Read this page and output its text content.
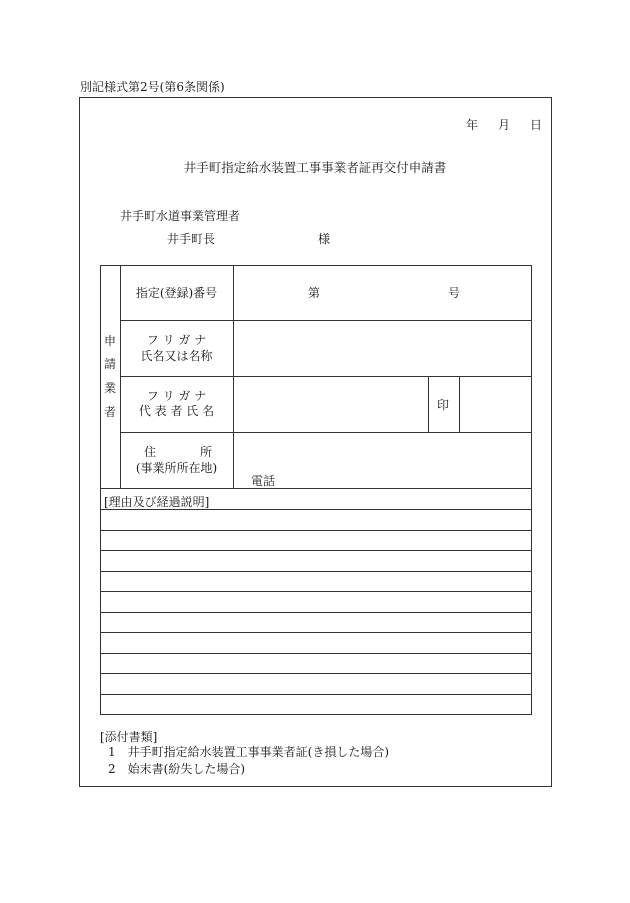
別記様式第2号(第6条関係)
年 月 日
井手町指定給水装置工事事業者証再交付申請書
井手町水道事業管理者
井手町長	様
申
請
業
者
指定(登録)番号	第	号
フ リ ガ ナ
氏名又は名称
フ リ ガ ナ
代 表 者 氏 名	印
住	所
(事業所所在地)
電話
[理由及び経過説明]
[添付書類]
1 井手町指定給水装置工事事業者証(き損した場合)
2 始末書(紛失した場合)
